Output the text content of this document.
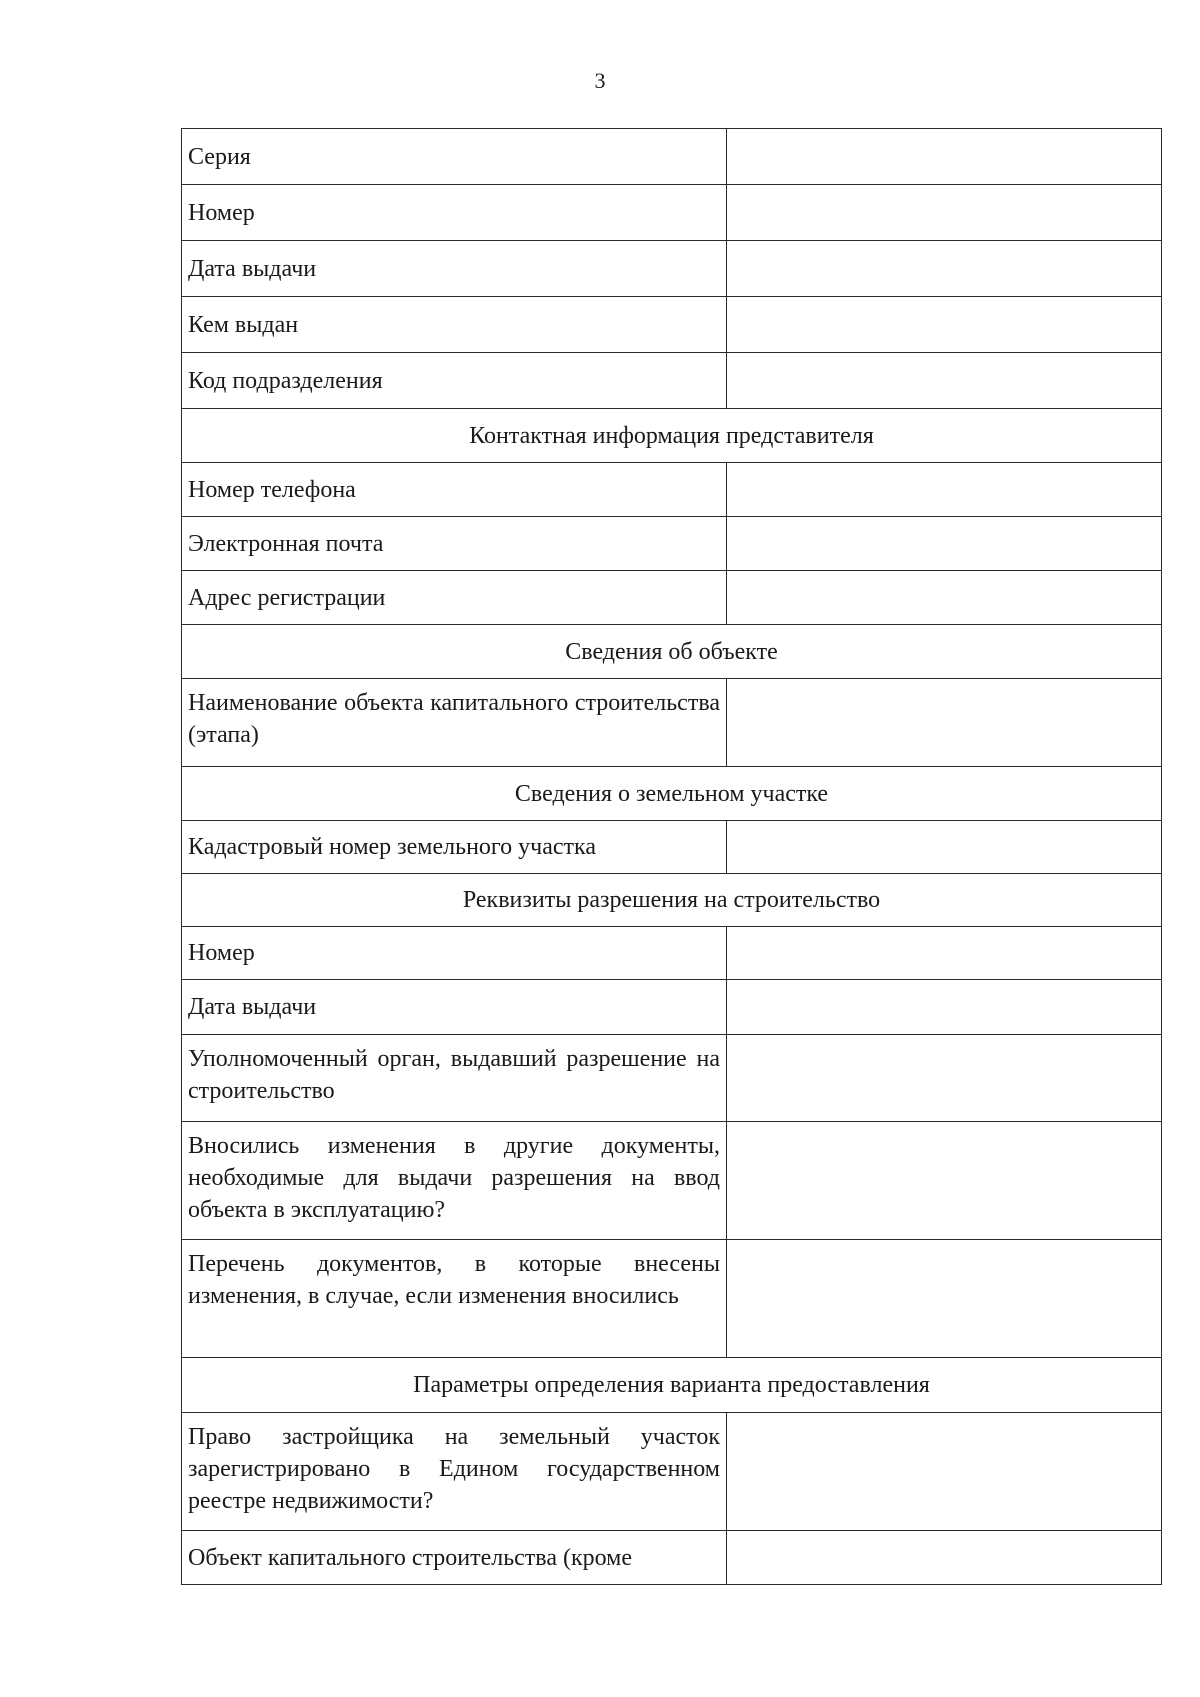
3
Серия	
Номер	
Дата выдачи	
Кем выдан	
Код подразделения	
Контактная информация представителя	
Номер телефона	
Электронная почта	
Адрес регистрации	
Сведения об объекте	
Наименование объекта капитального строительства (этапа)	
Сведения о земельном участке	
Кадастровый номер земельного участка	
Реквизиты разрешения на строительство	
Номер	
Дата выдачи	
Уполномоченный орган, выдавший разрешение на строительство	
Вносились изменения в другие документы, необходимые для выдачи разрешения на ввод объекта в эксплуатацию?	
Перечень документов, в которые внесены изменения, в случае, если изменения вносились	
Параметры определения варианта предоставления	
Право застройщика на земельный участок зарегистрировано в Едином государственном реестре недвижимости?	
Объект капитального строительства (кроме	
